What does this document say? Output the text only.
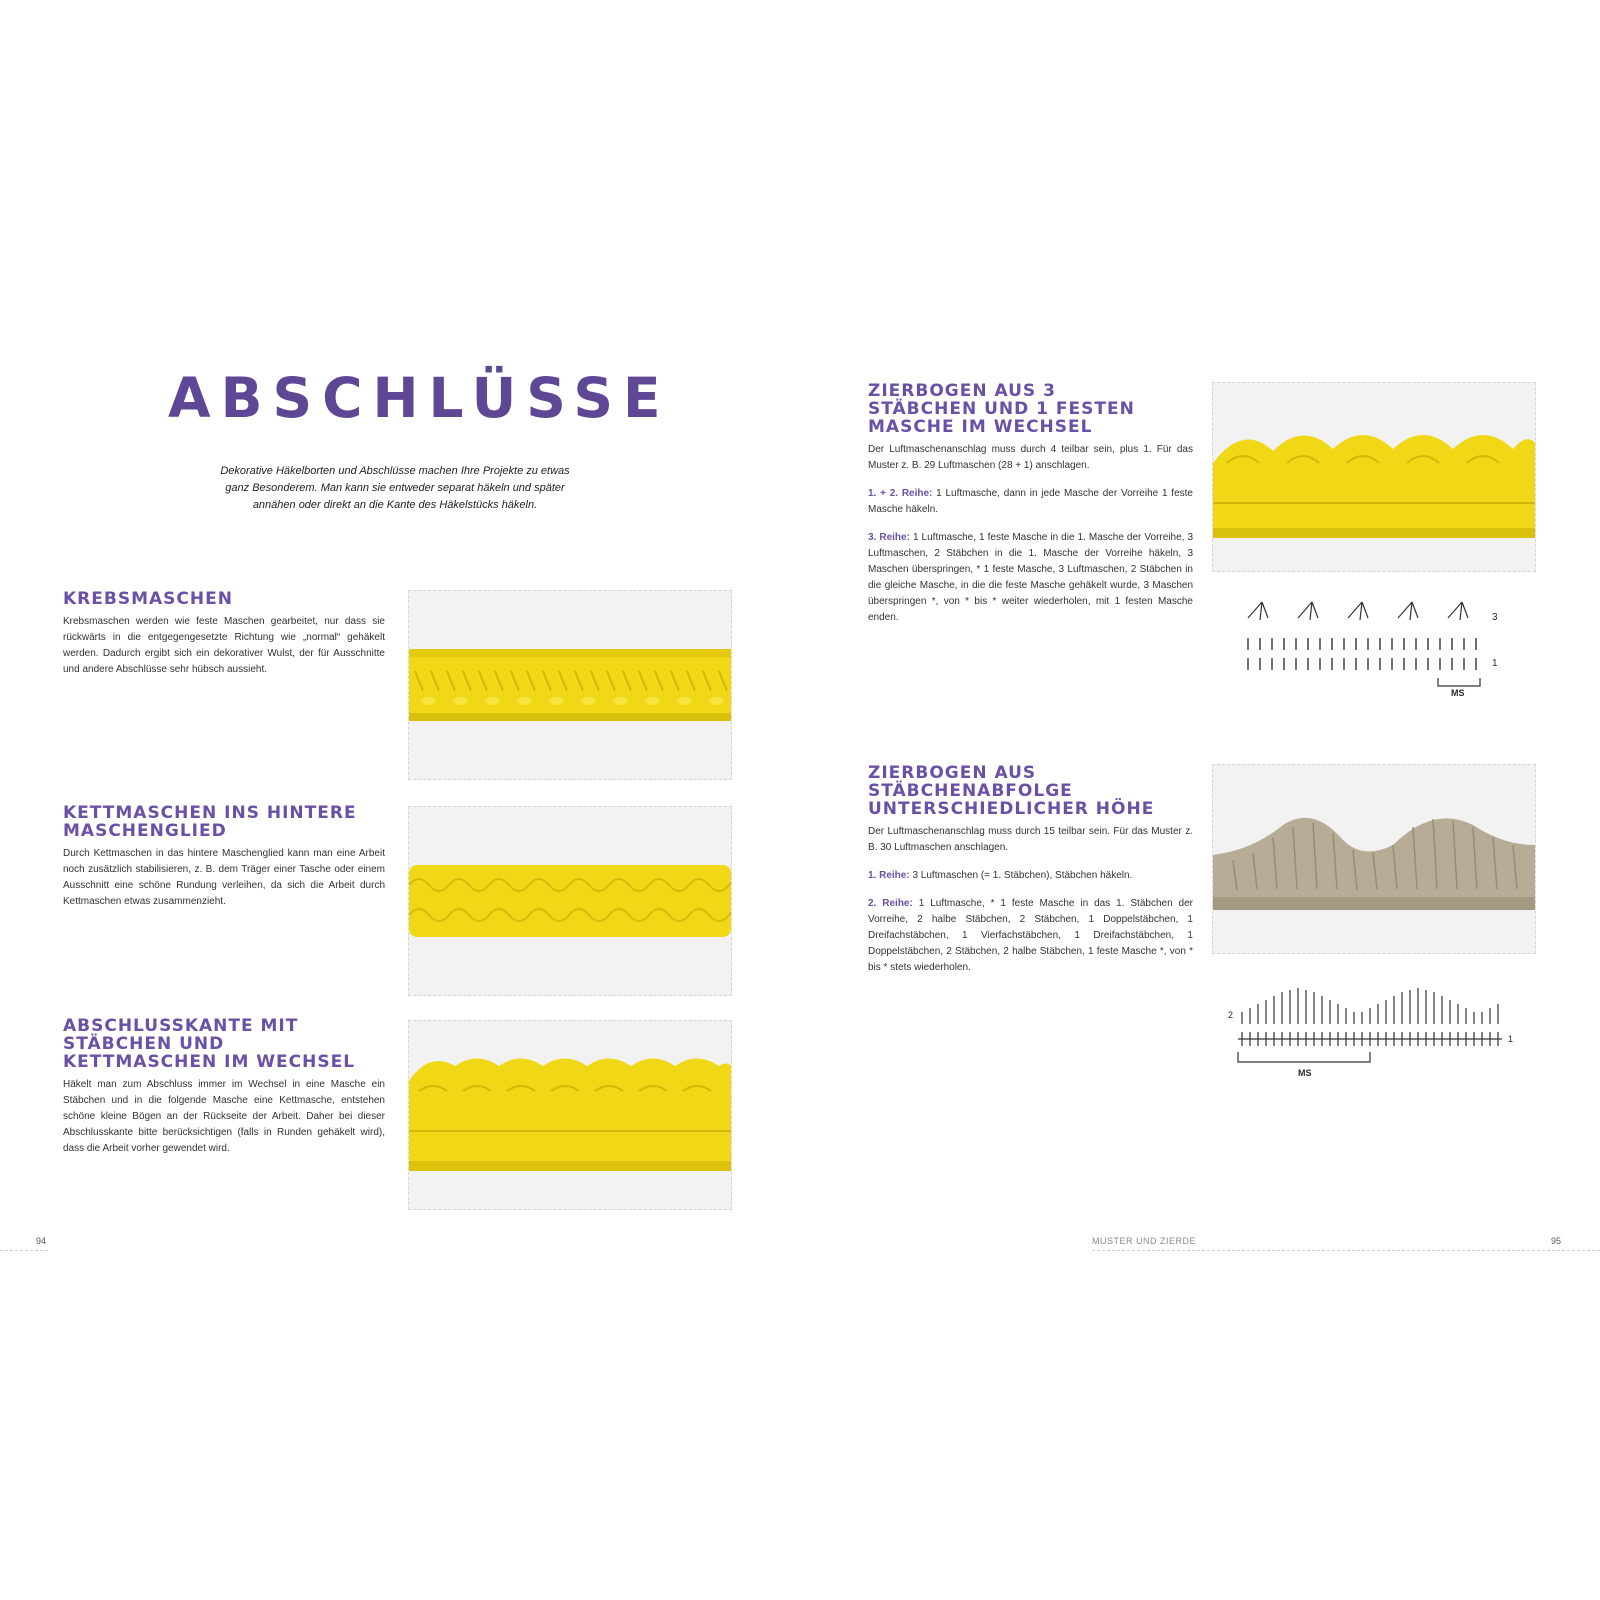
ABSCHLÜSSE

Dekorative Häkelborten und Abschlüsse machen Ihre Projekte zu etwas ganz Besonderem. Man kann sie entweder separat häkeln und später annähen oder direkt an die Kante des Häkelstücks häkeln.

KREBSMASCHEN

Krebsmaschen werden wie feste Maschen gearbeitet, nur dass sie rückwärts in die entgegengesetzte Richtung wie „normal“ gehäkelt werden. Dadurch ergibt sich ein dekorativer Wulst, der für Ausschnitte und andere Abschlüsse sehr hübsch aussieht.

KETTMASCHEN INS HINTERE MASCHENGLIED

Durch Kettmaschen in das hintere Maschenglied kann man eine Arbeit noch zusätzlich stabilisieren, z. B. dem Träger einer Tasche oder einem Ausschnitt eine schöne Rundung verleihen, da sich die Arbeit durch Kettmaschen etwas zusammenzieht.

ABSCHLUSSKANTE MIT STÄBCHEN UND KETTMASCHEN IM WECHSEL

Häkelt man zum Abschluss immer im Wechsel in eine Masche ein Stäbchen und in die folgende Masche eine Kettmasche, entstehen schöne kleine Bögen an der Rückseite der Arbeit. Daher bei dieser Abschlusskante bitte berücksichtigen (falls in Runden gehäkelt wird), dass die Arbeit vorher gewendet wird.

94
ZIERBOGEN AUS 3 STÄBCHEN UND 1 FESTEN MASCHE IM WECHSEL

Der Luftmaschenanschlag muss durch 4 teilbar sein, plus 1. Für das Muster z. B. 29 Luftmaschen (28 + 1) anschlagen.

1. + 2. Reihe: 1 Luftmasche, dann in jede Masche der Vorreihe 1 feste Masche häkeln.

3. Reihe: 1 Luftmasche, 1 feste Masche in die 1. Masche der Vorreihe, 3 Luftmaschen, 2 Stäbchen in die 1. Masche der Vorreihe häkeln, 3 Maschen überspringen, * 1 feste Masche, 3 Luftmaschen, 2 Stäbchen in die gleiche Masche, in die die feste Masche gehäkelt wurde, 3 Maschen überspringen *, von * bis * weiter wiederholen, mit 1 festen Masche enden.	3
1
MS
ZIERBOGEN AUS STÄBCHENABFOLGE UNTERSCHIEDLICHER HÖHE

Der Luftmaschenanschlag muss durch 15 teilbar sein. Für das Muster z. B. 30 Luftmaschen anschlagen.

1. Reihe: 3 Luftmaschen (= 1. Stäbchen), Stäbchen häkeln.

2. Reihe: 1 Luftmasche, * 1 feste Masche in das 1. Stäbchen der Vorreihe, 2 halbe Stäbchen, 2 Stäbchen, 1 Doppelstäbchen, 1 Dreifachstäbchen, 1 Vierfachstäbchen, 1 Dreifachstäbchen, 1 Doppelstäbchen, 2 Stäbchen, 2 halbe Stäbchen, 1 feste Masche *, von * bis * stets wiederholen.

2
1
MS
MUSTER UND ZIERDE	95
